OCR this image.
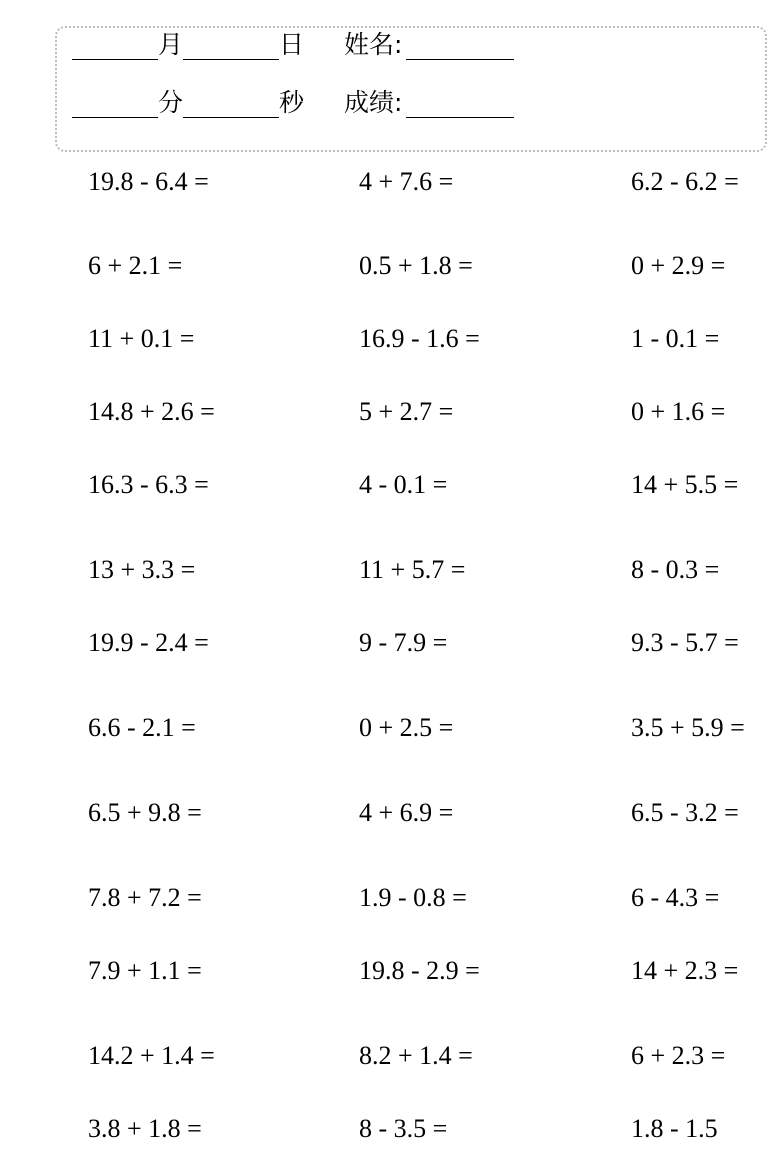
月	日 姓名:
分	秒 成绩:
19.8 - 6.4 =	4 + 7.6 =	6.2 - 6.2 =
6 + 2.1 =	0.5 + 1.8 =	0 + 2.9 =
11 + 0.1 =	16.9 - 1.6 =	1 - 0.1 =
14.8 + 2.6 =	5 + 2.7 =	0 + 1.6 =
16.3 - 6.3 =	4 - 0.1 =	14 + 5.5 =
13 + 3.3 =	11 + 5.7 =	8 - 0.3 =
19.9 - 2.4 =	9 - 7.9 =	9.3 - 5.7 =
6.6 - 2.1 =	0 + 2.5 =	3.5 + 5.9 =
6.5 + 9.8 =	4 + 6.9 =	6.5 - 3.2 =
7.8 + 7.2 =	1.9 - 0.8 =	6 - 4.3 =
7.9 + 1.1 =	19.8 - 2.9 =	14 + 2.3 =
14.2 + 1.4 =	8.2 + 1.4 =	6 + 2.3 =
3.8 + 1.8 =	8 - 3.5 =	1.8 - 1.5
